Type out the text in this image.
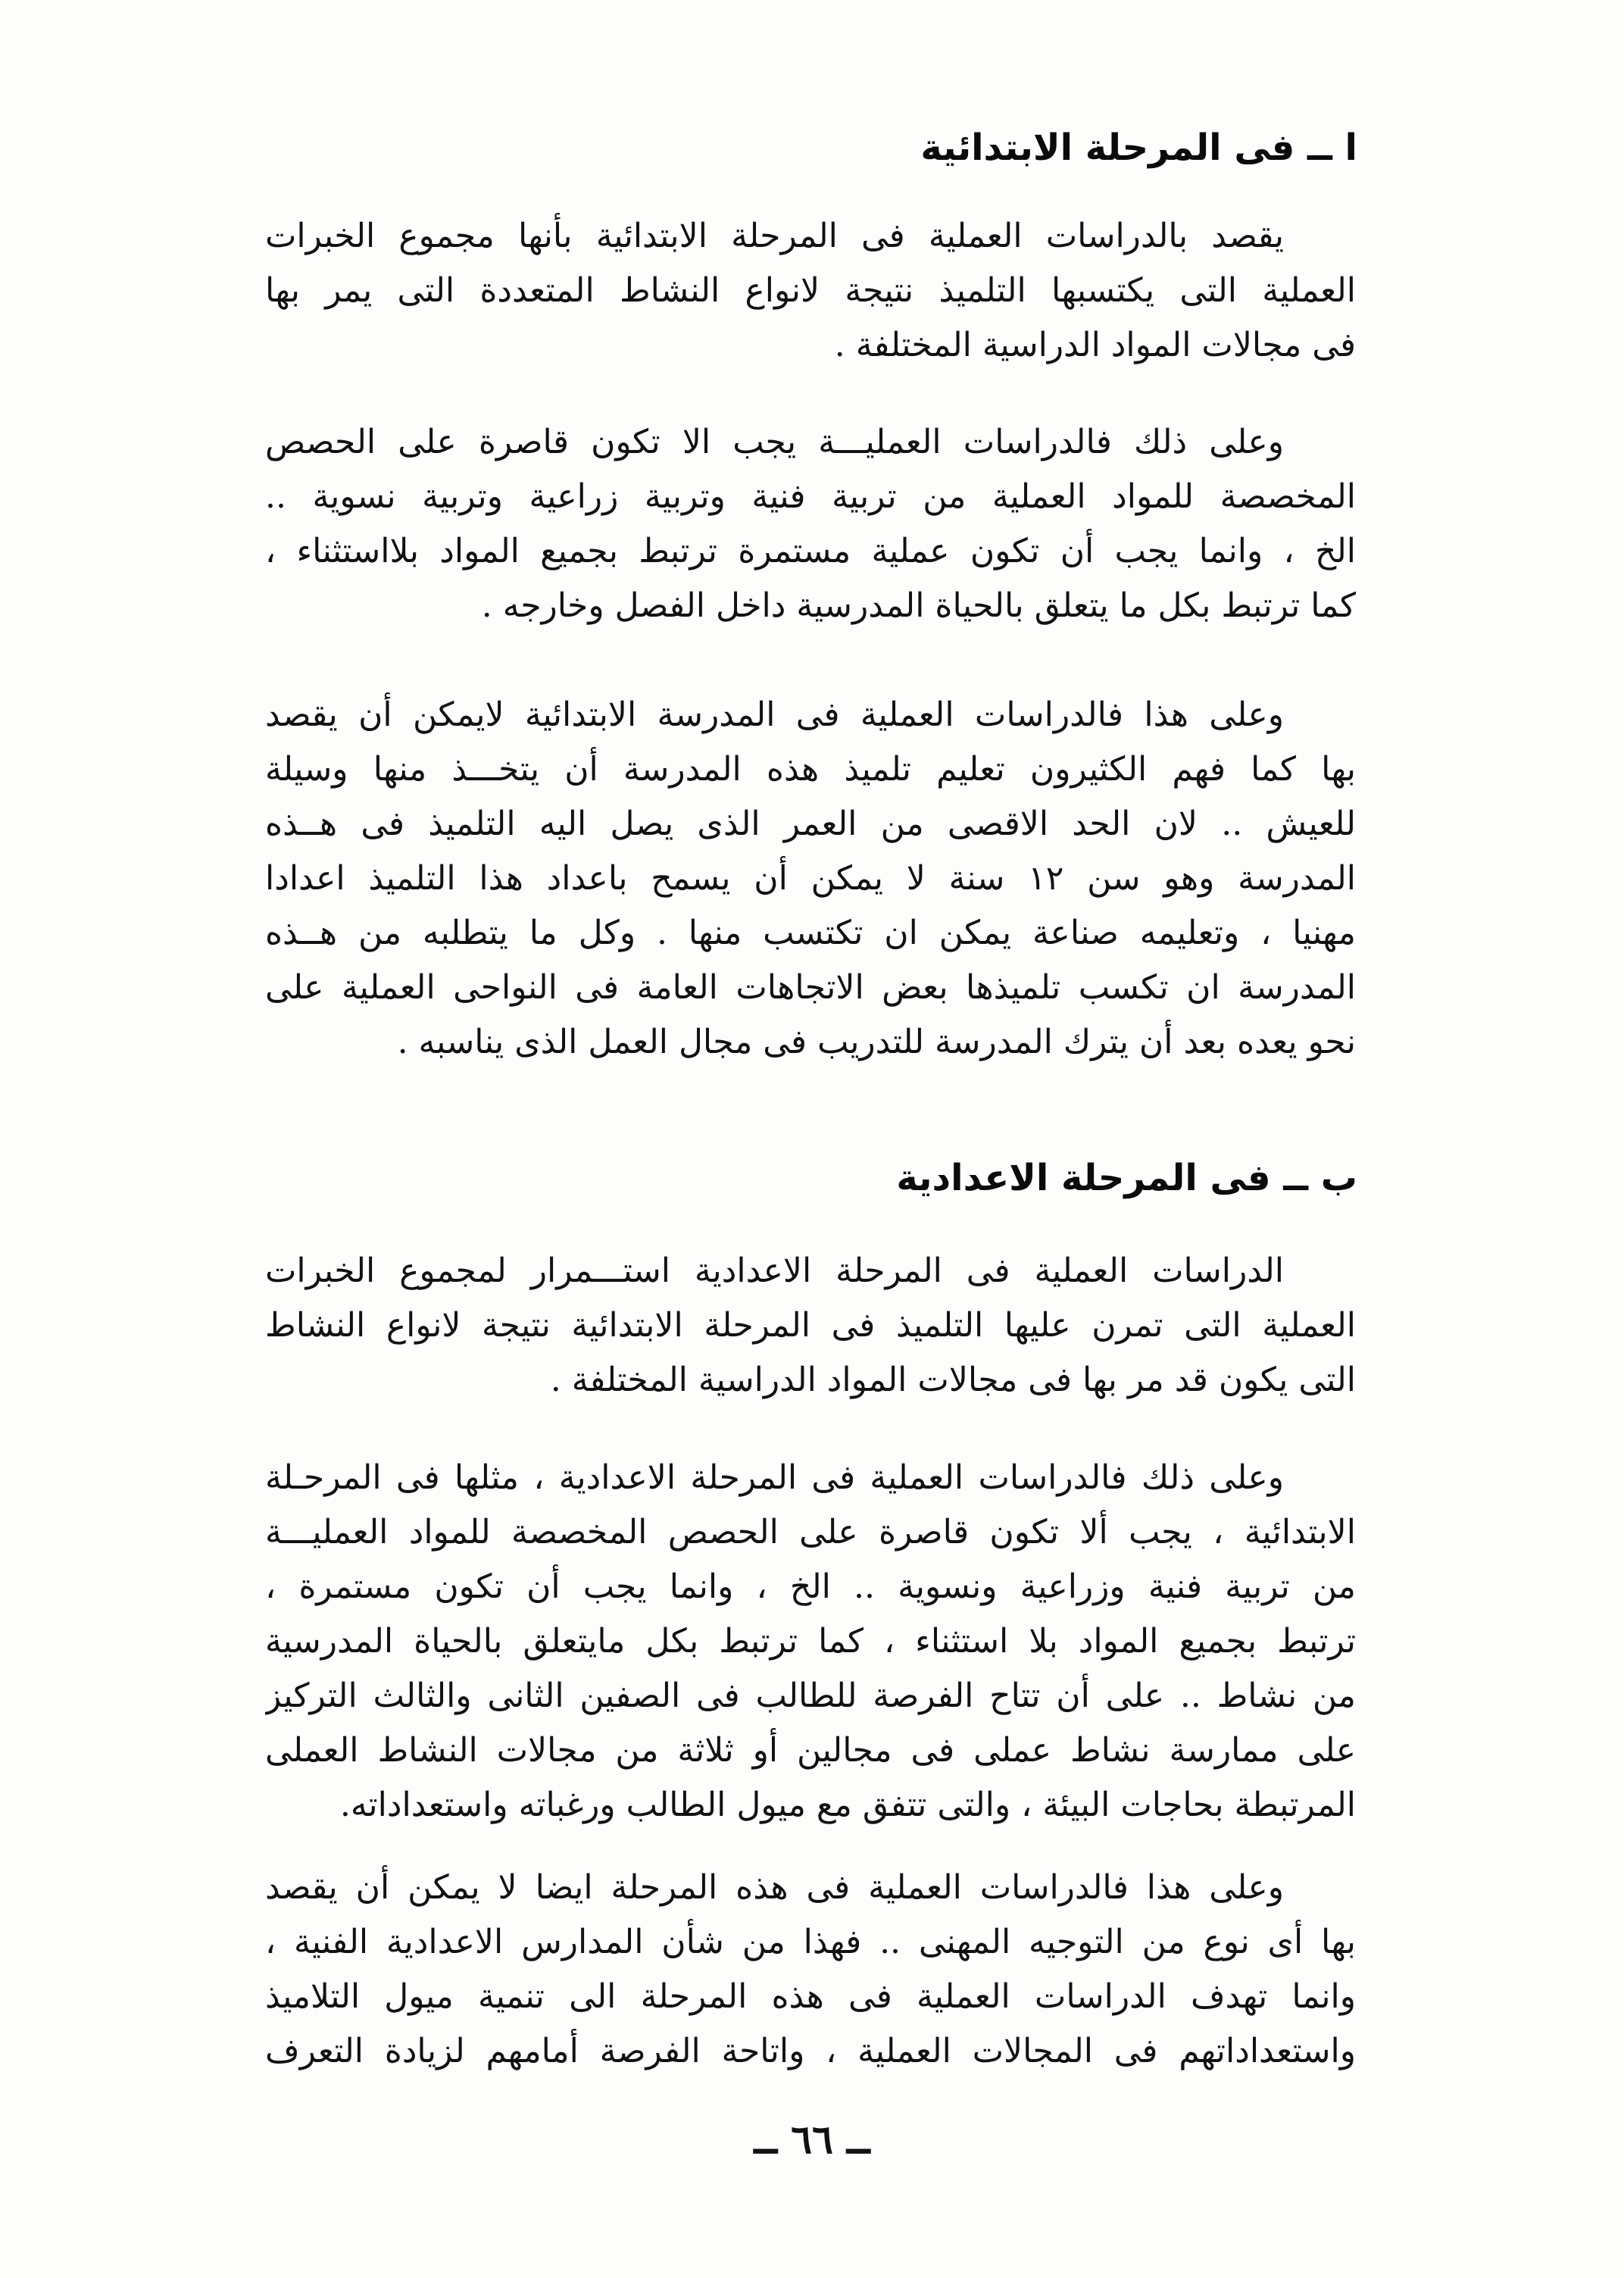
ا ــ فى المرحلة الابتدائية
يقصد بالدراسات العملية فى المرحلة الابتدائية بأنها مجموع الخبرات
العملية التى يكتسبها التلميذ نتيجة لانواع النشاط المتعددة التى يمر بها
فى مجالات المواد الدراسية المختلفة .
وعلى ذلك فالدراسات العمليـــة يجب الا تكون قاصرة على الحصص
المخصصة للمواد العملية من تربية فنية وتربية زراعية وتربية نسوية ..
الخ ، وانما يجب أن تكون عملية مستمرة ترتبط بجميع المواد بلااستثناء ،
كما ترتبط بكل ما يتعلق بالحياة المدرسية داخل الفصل وخارجه .
وعلى هذا فالدراسات العملية فى المدرسة الابتدائية لايمكن أن يقصد
بها كما فهم الكثيرون تعليم تلميذ هذه المدرسة أن يتخـــذ منها وسيلة
للعيش .. لان الحد الاقصى من العمر الذى يصل اليه التلميذ فى هــذه
المدرسة وهو سن ١٢ سنة لا يمكن أن يسمح باعداد هذا التلميذ اعدادا
مهنيا ، وتعليمه صناعة يمكن ان تكتسب منها . وكل ما يتطلبه من هــذه
المدرسة ان تكسب تلميذها بعض الاتجاهات العامة فى النواحى العملية على
نحو يعده بعد أن يترك المدرسة للتدريب فى مجال العمل الذى يناسبه .
ب ــ فى المرحلة الاعدادية
الدراسات العملية فى المرحلة الاعدادية استـــمرار لمجموع الخبرات
العملية التى تمرن عليها التلميذ فى المرحلة الابتدائية نتيجة لانواع النشاط
التى يكون قد مر بها فى مجالات المواد الدراسية المختلفة .
وعلى ذلك فالدراسات العملية فى المرحلة الاعدادية ، مثلها فى المرحـلة
الابتدائية ، يجب ألا تكون قاصرة على الحصص المخصصة للمواد العمليـــة
من تربية فنية وزراعية ونسوية .. الخ ، وانما يجب أن تكون مستمرة ،
ترتبط بجميع المواد بلا استثناء ، كما ترتبط بكل مايتعلق بالحياة المدرسية
من نشاط .. على أن تتاح الفرصة للطالب فى الصفين الثانى والثالث التركيز
على ممارسة نشاط عملى فى مجالين أو ثلاثة من مجالات النشاط العملى
المرتبطة بحاجات البيئة ، والتى تتفق مع ميول الطالب ورغباته واستعداداته.
وعلى هذا فالدراسات العملية فى هذه المرحلة ايضا لا يمكن أن يقصد
بها أى نوع من التوجيه المهنى .. فهذا من شأن المدارس الاعدادية الفنية ،
وانما تهدف الدراسات العملية فى هذه المرحلة الى تنمية ميول التلاميذ
واستعداداتهم فى المجالات العملية ، واتاحة الفرصة أمامهم لزيادة التعرف
ــ ٦٦ ــ
